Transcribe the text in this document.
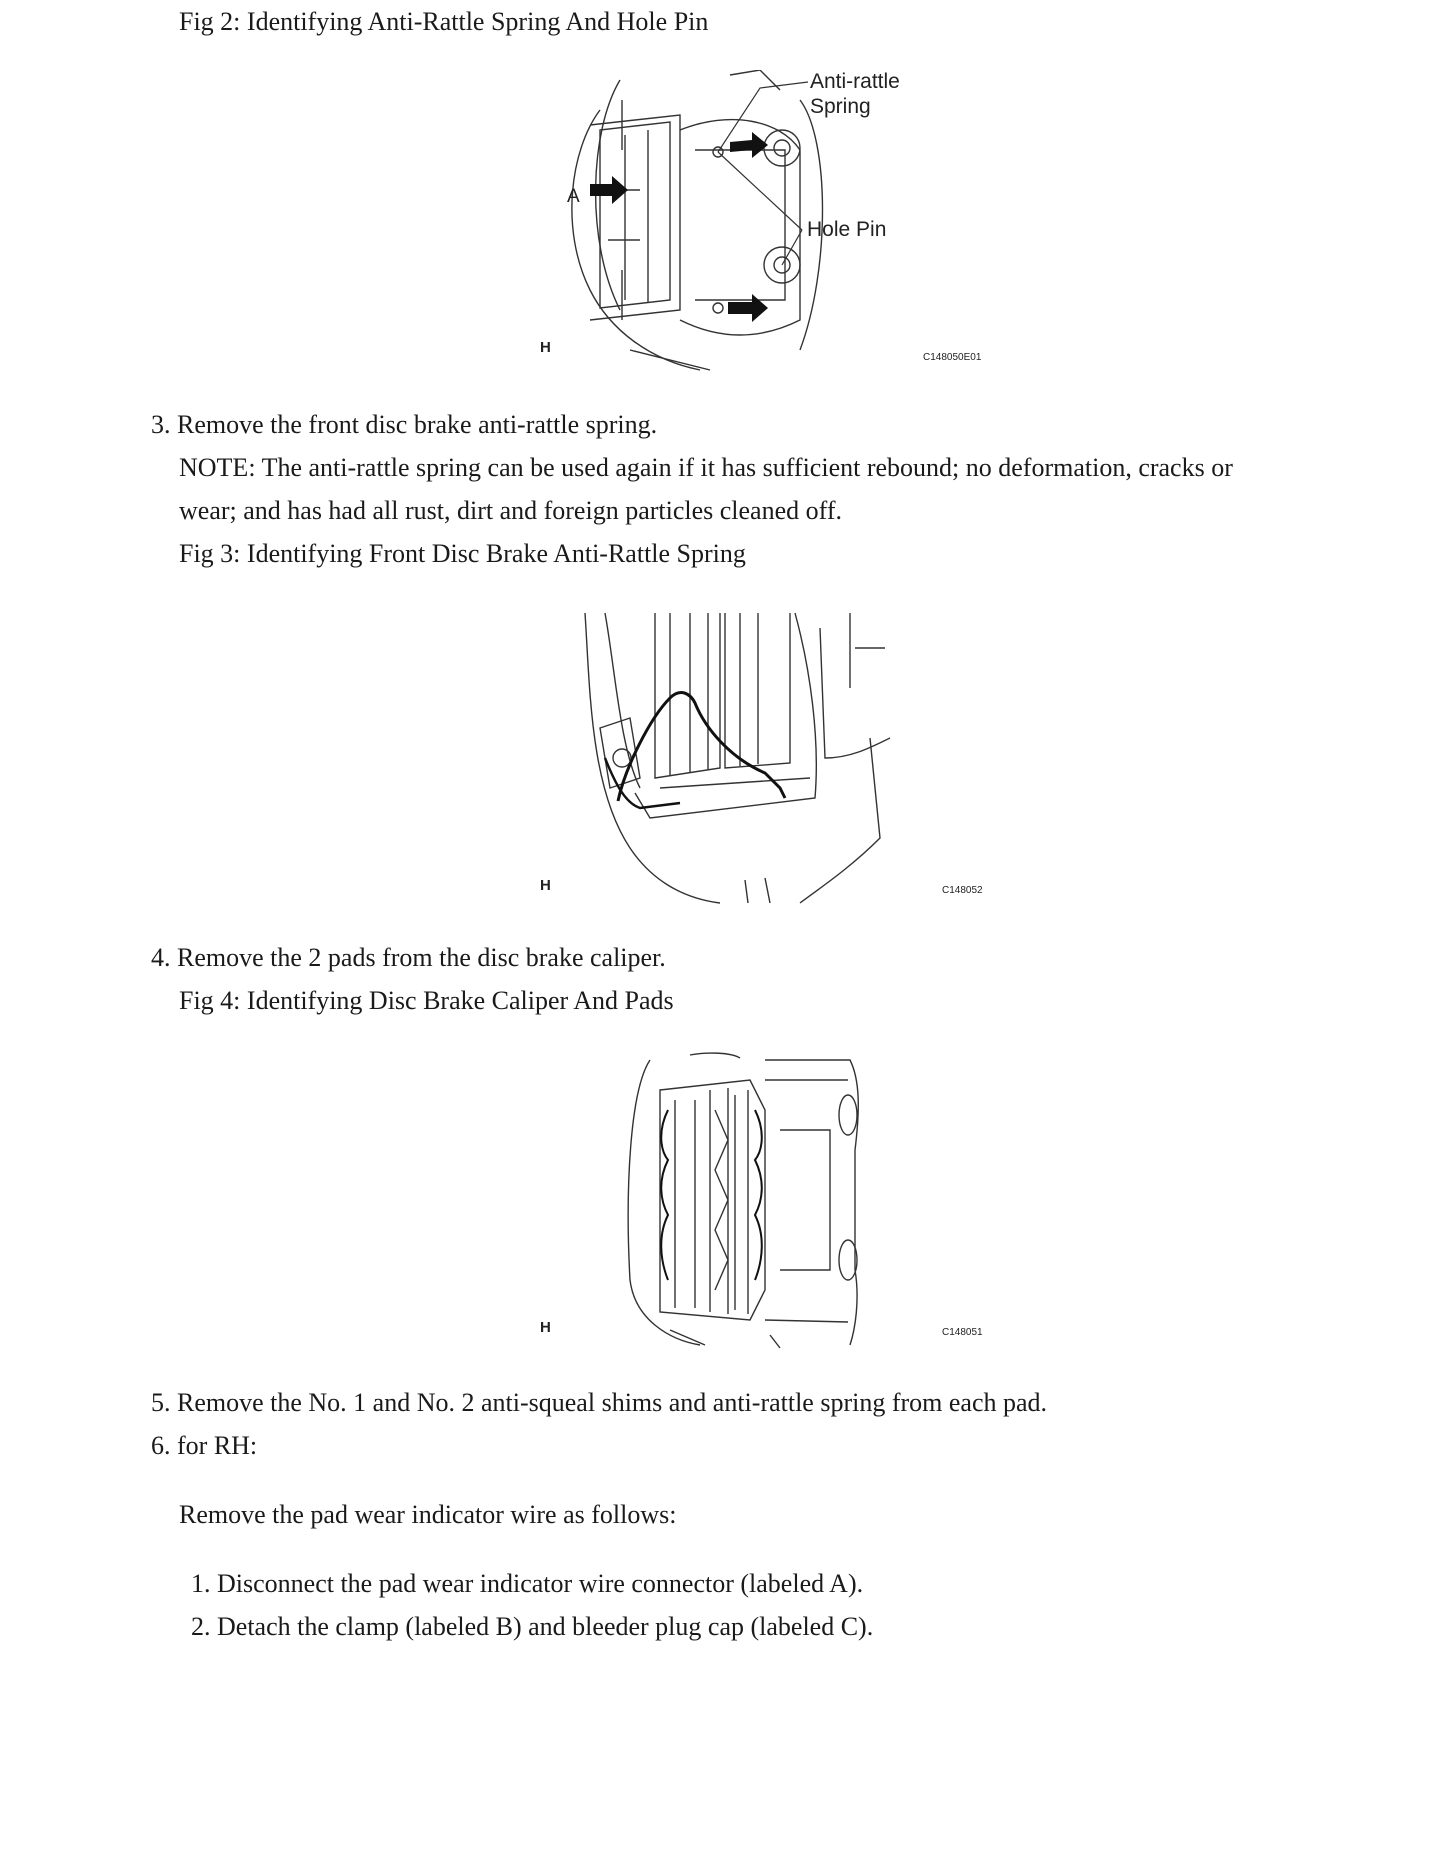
Fig 2: Identifying Anti-Rattle Spring And Hole Pin
Anti-rattle
Spring
Hole Pin
A
H
C148050E01
3. Remove the front disc brake anti-rattle spring.
NOTE: The anti-rattle spring can be used again if it has sufficient rebound; no deformation, cracks or
wear; and has had all rust, dirt and foreign particles cleaned off.
Fig 3: Identifying Front Disc Brake Anti-Rattle Spring
H	C148052
4. Remove the 2 pads from the disc brake caliper.
Fig 4: Identifying Disc Brake Caliper And Pads
H	C148051
5. Remove the No. 1 and No. 2 anti-squeal shims and anti-rattle spring from each pad.
6. for RH:
Remove the pad wear indicator wire as follows:
1. Disconnect the pad wear indicator wire connector (labeled A).
2. Detach the clamp (labeled B) and bleeder plug cap (labeled C).
